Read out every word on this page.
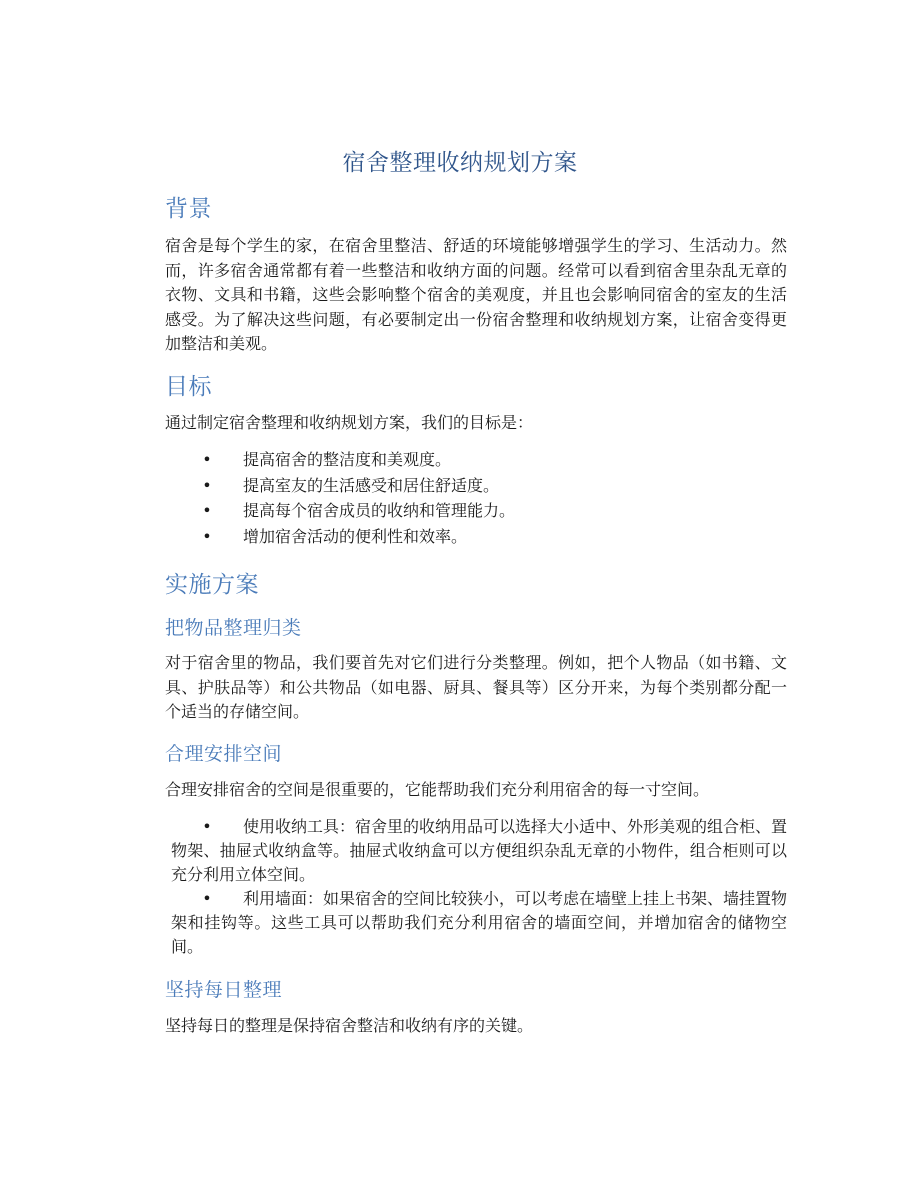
宿舍整理收纳规划方案
背景

宿舍是每个学生的家，在宿舍里整洁、舒适的环境能够增强学生的学习、生活动力。然而，许多宿舍通常都有着一些整洁和收纳方面的问题。经常可以看到宿舍里杂乱无章的衣物、文具和书籍，这些会影响整个宿舍的美观度，并且也会影响同宿舍的室友的生活感受。为了解决这些问题，有必要制定出一份宿舍整理和收纳规划方案，让宿舍变得更加整洁和美观。

目标

通过制定宿舍整理和收纳规划方案，我们的目标是：

• 提高宿舍的整洁度和美观度。
• 提高室友的生活感受和居住舒适度。
• 提高每个宿舍成员的收纳和管理能力。
• 增加宿舍活动的便利性和效率。
实施方案
把物品整理归类

对于宿舍里的物品，我们要首先对它们进行分类整理。例如，把个人物品（如书籍、文具、护肤品等）和公共物品（如电器、厨具、餐具等）区分开来，为每个类别都分配一个适当的存储空间。

合理安排空间

合理安排宿舍的空间是很重要的，它能帮助我们充分利用宿舍的每一寸空间。

• 使用收纳工具：宿舍里的收纳用品可以选择大小适中、外形美观的组合柜、置物架、抽屉式收纳盒等。抽屉式收纳盒可以方便组织杂乱无章的小物件，组合柜则可以充分利用立体空间。
• 利用墙面：如果宿舍的空间比较狭小，可以考虑在墙壁上挂上书架、墙挂置物架和挂钩等。这些工具可以帮助我们充分利用宿舍的墙面空间，并增加宿舍的储物空间。
坚持每日整理

坚持每日的整理是保持宿舍整洁和收纳有序的关键。
